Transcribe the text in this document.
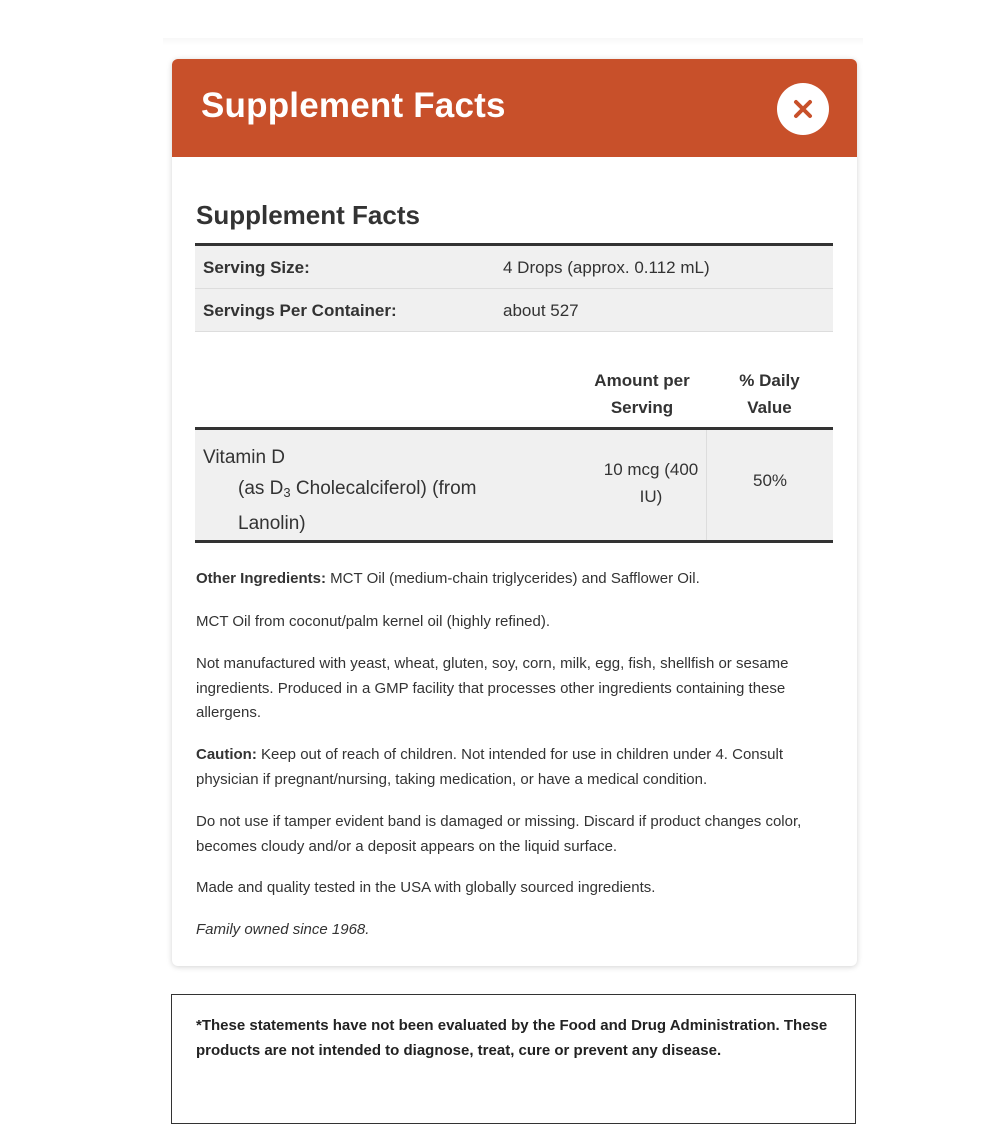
Supplement Facts
Supplement Facts
Serving Size:	4 Drops (approx. 0.112 mL)
Servings Per Container:	about 527
Amount per
Serving
% Daily
Value
Vitamin D
(as $D_3$ Cholecalciferol) (from Lanolin)
10 mcg (400
IU)
50%

Other Ingredients: MCT Oil (medium-chain triglycerides) and Safflower Oil.

MCT Oil from coconut/palm kernel oil (highly refined).

Not manufactured with yeast, wheat, gluten, soy, corn, milk, egg, fish, shellfish or sesame ingredients. Produced in a GMP facility that processes other ingredients containing these allergens.

Caution: Keep out of reach of children. Not intended for use in children under 4. Consult physician if pregnant/nursing, taking medication, or have a medical condition.

Do not use if tamper evident band is damaged or missing. Discard if product changes color, becomes cloudy and/or a deposit appears on the liquid surface.

Made and quality tested in the USA with globally sourced ingredients.

Family owned since 1968.

*These statements have not been evaluated by the Food and Drug Administration. These products are not intended to diagnose, treat, cure or prevent any disease.
